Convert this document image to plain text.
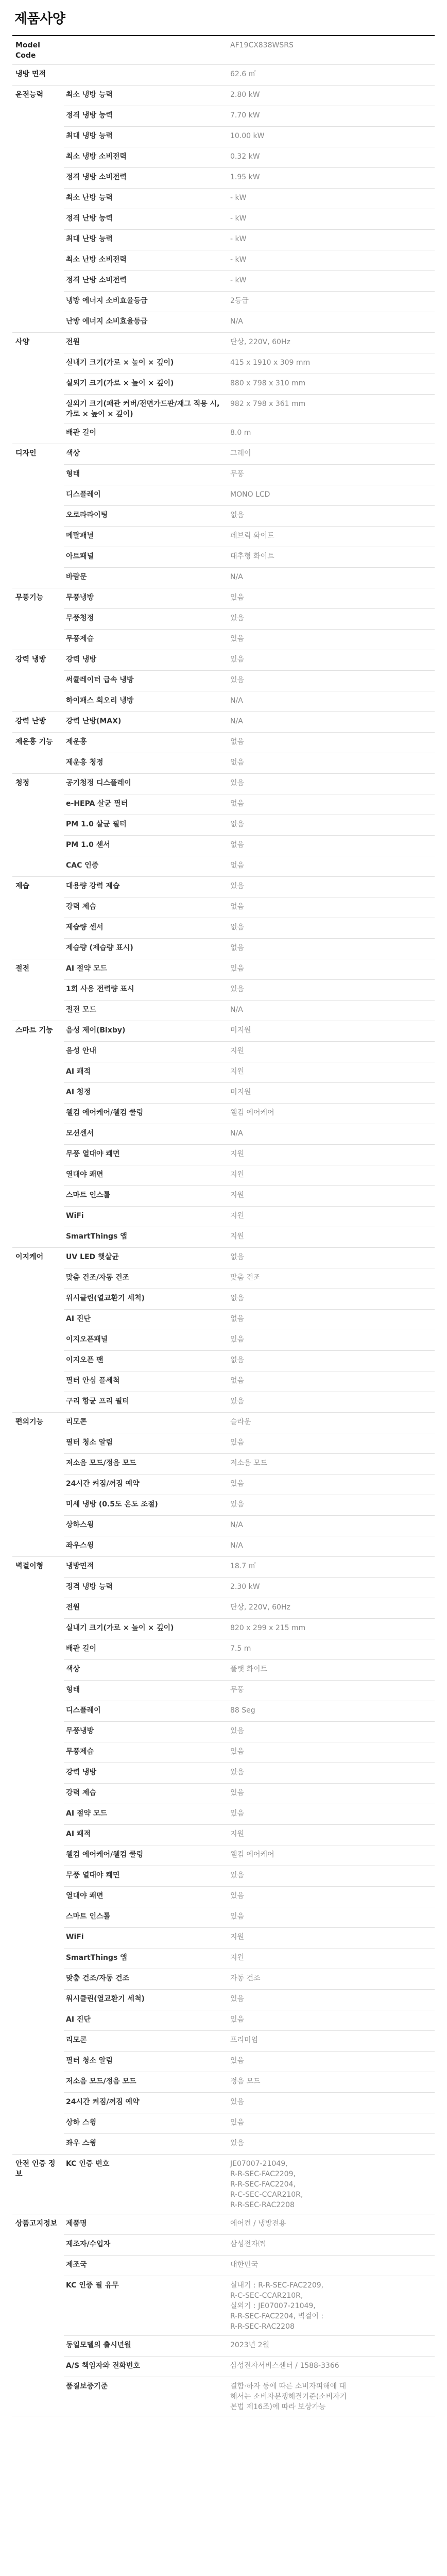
제품사양
Model Code		AF19CX838WSRS
냉방 면적		62.6 ㎡
운전능력	최소 냉방 능력	2.80 kW
	정격 냉방 능력	7.70 kW
	최대 냉방 능력	10.00 kW
	최소 냉방 소비전력	0.32 kW
	정격 냉방 소비전력	1.95 kW
	최소 난방 능력	- kW
	정격 난방 능력	- kW
	최대 난방 능력	- kW
	최소 난방 소비전력	- kW
	정격 난방 소비전력	- kW
	냉방 에너지 소비효율등급	2등급
	난방 에너지 소비효율등급	N/A
사양	전원	단상, 220V, 60Hz
	실내기 크기(가로 × 높이 × 깊이)	415 x 1910 x 309 mm
	실외기 크기(가로 × 높이 × 깊이)	880 x 798 x 310 mm
	실외기 크기(패관 커버/전면가드판/재그 적용 시, 가로 × 높이 × 깊이)	982 x 798 x 361 mm
	배관 길이	8.0 m
디자인	색상	그레이
	형태	무풍
	디스플레이	MONO LCD
	오로라라이팅	없음
	메탈패널	페브릭 화이트
	아트패널	대추형 화이트
	바람문	N/A
무풍기능	무풍냉방	있음
	무풍청정	있음
	무풍제습	있음
강력 냉방	강력 냉방	있음
	써큘레이터 급속 냉방	있음
	하이패스 회오리 냉방	N/A
강력 난방	강력 난방(MAX)	N/A
제운홍 기능	제운홍	없음
	제운홍 청정	없음
청정	공기청정 디스플레이	있음
	e-HEPA 살균 필터	없음
	PM 1.0 살균 필터	없음
	PM 1.0 센서	없음
	CAC 인증	없음
제습	대용량 강력 제습	있음
	강력 제습	없음
	제습량 센서	없음
	제습량 (제습량 표시)	없음
절전	AI 절약 모드	있음
	1회 사용 전력량 표시	있음
	절전 모드	N/A
스마트 기능	음성 제어(Bixby)	미지원
	음성 안내	지원
	AI 쾌적	지원
	AI 청정	미지원
	웰컴 에어케어/웰컴 쿨링	웰컴 에어케어
	모션센서	N/A
	무풍 열대야 쾌면	지원
	열대야 쾌면	지원
	스마트 인스톨	지원
	WiFi	지원
	SmartThings 앱	지원
이지케어	UV LED 햇살균	없음
	맞춤 건조/자동 건조	맞춤 건조
	워시클린(열교환기 세척)	없음
	AI 진단	없음
	이지오픈패널	있음
	이지오픈 팬	없음
	필터 안심 플세척	없음
	구리 항균 프리 필터	있음
편의기능	리모콘	슬라운
	필터 청소 알림	있음
	저소음 모드/정음 모드	저소음 모드
	24시간 켜짐/꺼짐 예약	있음
	미세 냉방 (0.5도 온도 조절)	있음
	상하스윙	N/A
	좌우스윙	N/A
벽걸이형	냉방면적	18.7 ㎡
	정격 냉방 능력	2.30 kW
	전원	단상, 220V, 60Hz
	실내기 크기(가로 × 높이 × 깊이)	820 x 299 x 215 mm
	배관 길이	7.5 m
	색상	플랫 화이트
	형태	무풍
	디스플레이	88 Seg
	무풍냉방	있음
	무풍제습	있음
	강력 냉방	있음
	강력 제습	있음
	AI 절약 모드	있음
	AI 쾌적	지원
	웰컴 에어케어/웰컴 쿨링	웰컴 에어케어
	무풍 열대야 쾌면	있음
	열대야 쾌면	있음
	스마트 인스톨	있음
	WiFi	지원
	SmartThings 앱	지원
	맞춤 건조/자동 건조	자동 건조
	워시클린(열교환기 세척)	있음
	AI 진단	있음
	리모콘	프리미엄
	필터 청소 알림	있음
	저소음 모드/정음 모드	정음 모드
	24시간 켜짐/꺼짐 예약	있음
	상하 스윙	있음
	좌우 스윙	있음
안전 인증 정보	KC 인증 번호	JE07007-21049,
R-R-SEC-FAC2209,
R-R-SEC-FAC2204,
R-C-SEC-CCAR210R,
R-R-SEC-RAC2208
상품고지정보	제품명	에어컨 / 냉방전용
	제조자/수입자	삼성전자㈜
	제조국	대한민국
	KC 인증 필 유무	실내기 : R-R-SEC-FAC2209,
R-C-SEC-CCAR210R,
실외기 : JE07007-21049,
R-R-SEC-FAC2204, 벽걸이 :
R-R-SEC-RAC2208
	동일모델의 출시년월	2023년 2월
	A/S 책임자와 전화번호	삼성전자서비스센터 / 1588-3366
	품질보증기준	결함·하자 등에 따른 소비자피해에 대
해서는 소비자분쟁해결기준(소비자기
본법 제16조)에 따라 보상가능
